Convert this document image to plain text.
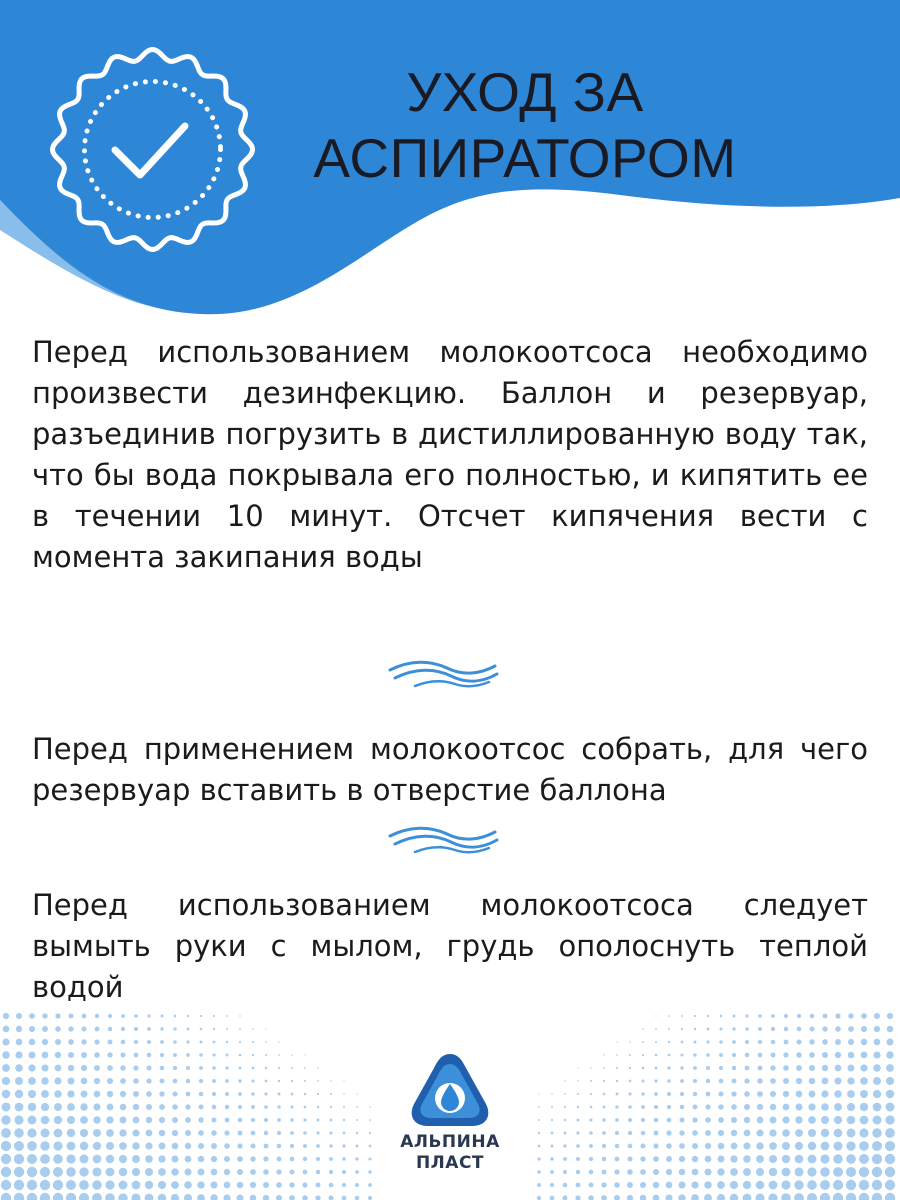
УХОД ЗА
АСПИРАТОРОМ

Перед использованием молокоотсоса необходимо произвести дезинфекцию. Баллон и резервуар, разъединив погрузить в дистиллированную воду так, что бы вода покрывала его полностью, и кипятить ее в течении 10 минут. Отсчет кипячения вести с момента закипания воды

Перед применением молокоотсос собрать, для чего резервуар вставить в отверстие баллона

Перед использованием молокоотсоса следует вымыть руки с мылом, грудь ополоснуть теплой водой

АЛЬПИНА
ПЛАСТ
